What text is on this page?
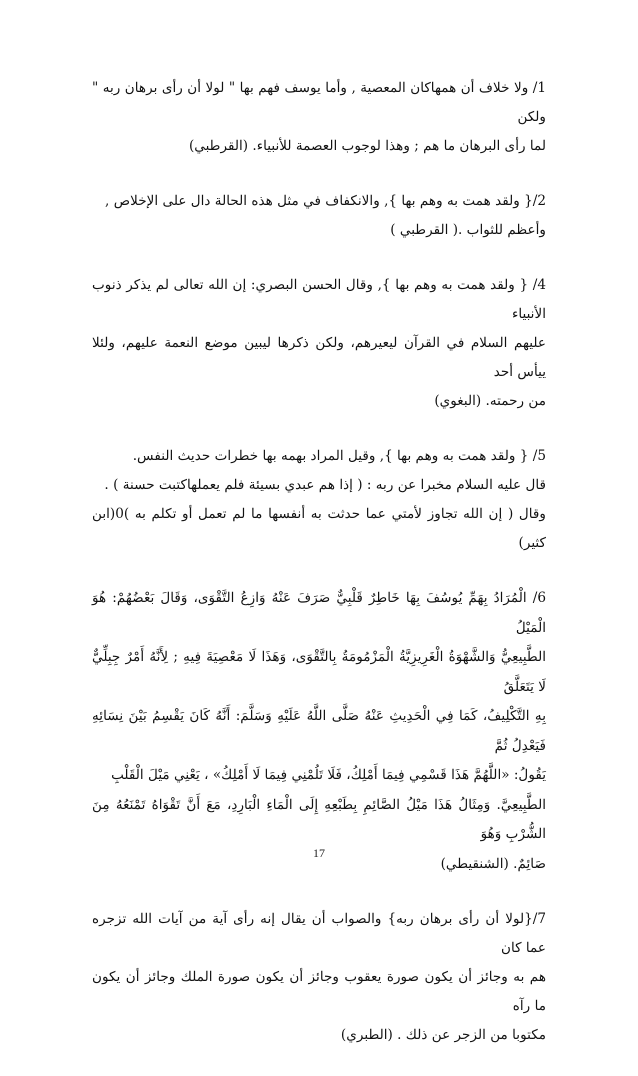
1/ ولا خلاف أن همهاكان المعصية , وأما يوسف فهم بها " لولا أن رأى برهان ربه " ولكن
لما رأى البرهان ما هم ; وهذا لوجوب العصمة للأنبياء. (القرطبي)
2/{ ولقد همت به وهم بها }, والانكفاف في مثل هذه الحالة دال على الإخلاص ,
وأعظم للثواب .( القرطبي )
4/ { ولقد همت به وهم بها }, وقال الحسن البصري: إن الله تعالى لم يذكر ذنوب الأنبياء
عليهم السلام في القرآن ليعيرهم، ولكن ذكرها ليبين موضع النعمة عليهم، ولئلا ييأس أحد
من رحمته. (البغوي)
5/ { ولقد همت به وهم بها }, وقيل المراد بهمه بها خطرات حديث النفس.
قال عليه السلام مخبرا عن ربه : ( إذا هم عبدي بسيئة فلم يعملهاكتبت حسنة ) .
وقال ( إن الله تجاوز لأمتي عما حدثت به أنفسها ما لم تعمل أو تكلم به )0(ابن كثير)
6/ الْمُرَادُ بِهَمِّ يُوسُفَ بِهَا خَاطِرٌ قَلْبِيٌّ صَرَفَ عَنْهُ وَازِعُ التَّقْوَى، وَقَالَ بَعْضُهُمْ: هُوَ الْمَيْلُ
الطَّبِيعِيُّ وَالشَّهْوَةُ الْغَرِيزِيَّةُ الْمَزْمُومَةُ بِالتَّقْوَى، وَهَذَا لَا مَعْصِيَةَ فِيهِ ; لِأَنَّهُ أَمْرٌ جِبِلِّيٌّ لَا يَتَعَلَّقُ
بِهِ التَّكْلِيفُ، كَمَا فِي الْحَدِيثِ عَنْهُ صَلَّى اللَّهُ عَلَيْهِ وَسَلَّمَ: أَنَّهُ كَانَ يَقْسِمُ بَيْنَ نِسَائِهِ فَيَعْدِلُ ثُمَّ
يَقُولُ: «اللَّهُمَّ هَذَا قَسْمِي فِيمَا أَمْلِكُ، فَلَا تَلُمْنِي فِيمَا لَا أَمْلِكُ» ، يَعْنِي مَيْلَ الْقَلْبِ
الطَّبِيعِيَّ. وَمِثَالُ هَذَا مَيْلُ الصَّائِمِ بِطَبْعِهِ إِلَى الْمَاءِ الْبَارِدِ، مَعَ أَنَّ تَقْوَاهُ تَمْنَعُهُ مِنَ الشُّرْبِ وَهُوَ
صَائِمٌ. (الشنقيطي)
7/{لولا أن رأى برهان ربه} والصواب أن يقال إنه رأى آية من آيات الله تزجره عما كان
هم به وجائز أن يكون صورة يعقوب وجائز أن يكون صورة الملك وجائز أن يكون ما رآه
مكتوبا من الزجر عن ذلك . (الطبري)
17
